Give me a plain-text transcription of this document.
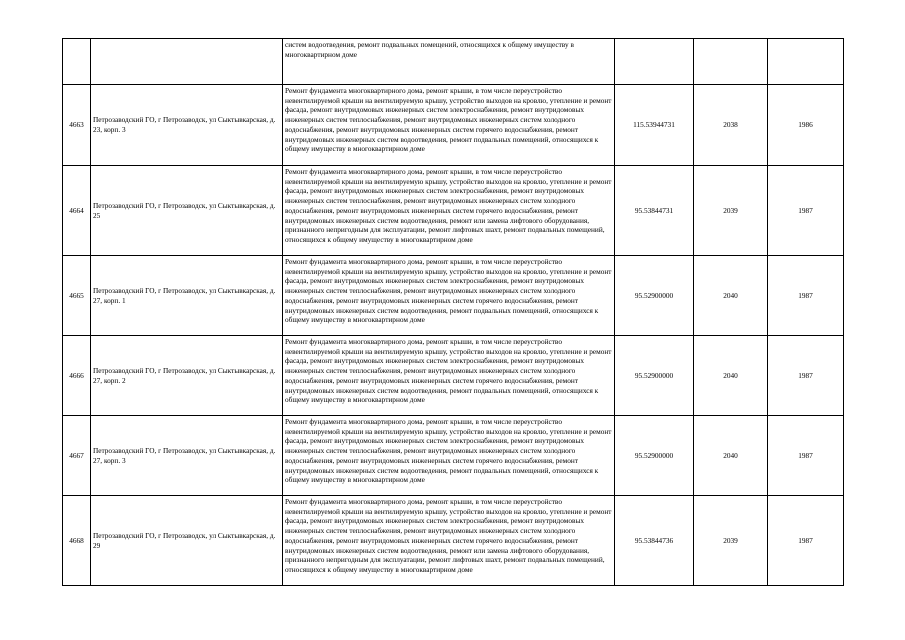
		систем водоотведения, ремонт подвальных помещений, относящихся к общему имуществу в многоквартирном доме			
4663	Петрозаводский ГО, г Петрозаводск, ул Сыктывкарская, д. 23, корп. 3	Ремонт фундамента многоквартирного дома, ремонт крыши, в том числе переустройство невентилируемой крыши на вентилируемую крышу, устройство выходов на кровлю, утепление и ремонт фасада, ремонт внутридомовых инженерных систем электроснабжения, ремонт внутридомовых инженерных систем теплоснабжения, ремонт внутридомовых инженерных систем холодного водоснабжения, ремонт внутридомовых инженерных систем горячего водоснабжения, ремонт внутридомовых инженерных систем водоотведения, ремонт подвальных помещений, относящихся к общему имуществу в многоквартирном доме	115.53944731	2038	1986
4664	Петрозаводский ГО, г Петрозаводск, ул Сыктывкарская, д. 25	Ремонт фундамента многоквартирного дома, ремонт крыши, в том числе переустройство невентилируемой крыши на вентилируемую крышу, устройство выходов на кровлю, утепление и ремонт фасада, ремонт внутридомовых инженерных систем электроснабжения, ремонт внутридомовых инженерных систем теплоснабжения, ремонт внутридомовых инженерных систем холодного водоснабжения, ремонт внутридомовых инженерных систем горячего водоснабжения, ремонт внутридомовых инженерных систем водоотведения, ремонт или замена лифтового оборудования, признанного непригодным для эксплуатации, ремонт лифтовых шахт, ремонт подвальных помещений, относящихся к общему имуществу в многоквартирном доме	95.53844731	2039	1987
4665	Петрозаводский ГО, г Петрозаводск, ул Сыктывкарская, д. 27, корп. 1	Ремонт фундамента многоквартирного дома, ремонт крыши, в том числе переустройство невентилируемой крыши на вентилируемую крышу, устройство выходов на кровлю, утепление и ремонт фасада, ремонт внутридомовых инженерных систем электроснабжения, ремонт внутридомовых инженерных систем теплоснабжения, ремонт внутридомовых инженерных систем холодного водоснабжения, ремонт внутридомовых инженерных систем горячего водоснабжения, ремонт внутридомовых инженерных систем водоотведения, ремонт подвальных помещений, относящихся к общему имуществу в многоквартирном доме	95.52900000	2040	1987
4666	Петрозаводский ГО, г Петрозаводск, ул Сыктывкарская, д. 27, корп. 2	Ремонт фундамента многоквартирного дома, ремонт крыши, в том числе переустройство невентилируемой крыши на вентилируемую крышу, устройство выходов на кровлю, утепление и ремонт фасада, ремонт внутридомовых инженерных систем электроснабжения, ремонт внутридомовых инженерных систем теплоснабжения, ремонт внутридомовых инженерных систем холодного водоснабжения, ремонт внутридомовых инженерных систем горячего водоснабжения, ремонт внутридомовых инженерных систем водоотведения, ремонт подвальных помещений, относящихся к общему имуществу в многоквартирном доме	95.52900000	2040	1987
4667	Петрозаводский ГО, г Петрозаводск, ул Сыктывкарская, д. 27, корп. 3	Ремонт фундамента многоквартирного дома, ремонт крыши, в том числе переустройство невентилируемой крыши на вентилируемую крышу, устройство выходов на кровлю, утепление и ремонт фасада, ремонт внутридомовых инженерных систем электроснабжения, ремонт внутридомовых инженерных систем теплоснабжения, ремонт внутридомовых инженерных систем холодного водоснабжения, ремонт внутридомовых инженерных систем горячего водоснабжения, ремонт внутридомовых инженерных систем водоотведения, ремонт подвальных помещений, относящихся к общему имуществу в многоквартирном доме	95.52900000	2040	1987
4668	Петрозаводский ГО, г Петрозаводск, ул Сыктывкарская, д. 29	Ремонт фундамента многоквартирного дома, ремонт крыши, в том числе переустройство невентилируемой крыши на вентилируемую крышу, устройство выходов на кровлю, утепление и ремонт фасада, ремонт внутридомовых инженерных систем электроснабжения, ремонт внутридомовых инженерных систем теплоснабжения, ремонт внутридомовых инженерных систем холодного водоснабжения, ремонт внутридомовых инженерных систем горячего водоснабжения, ремонт внутридомовых инженерных систем водоотведения, ремонт или замена лифтового оборудования, признанного непригодным для эксплуатации, ремонт лифтовых шахт, ремонт подвальных помещений, относящихся к общему имуществу в многоквартирном доме	95.53844736	2039	1987
